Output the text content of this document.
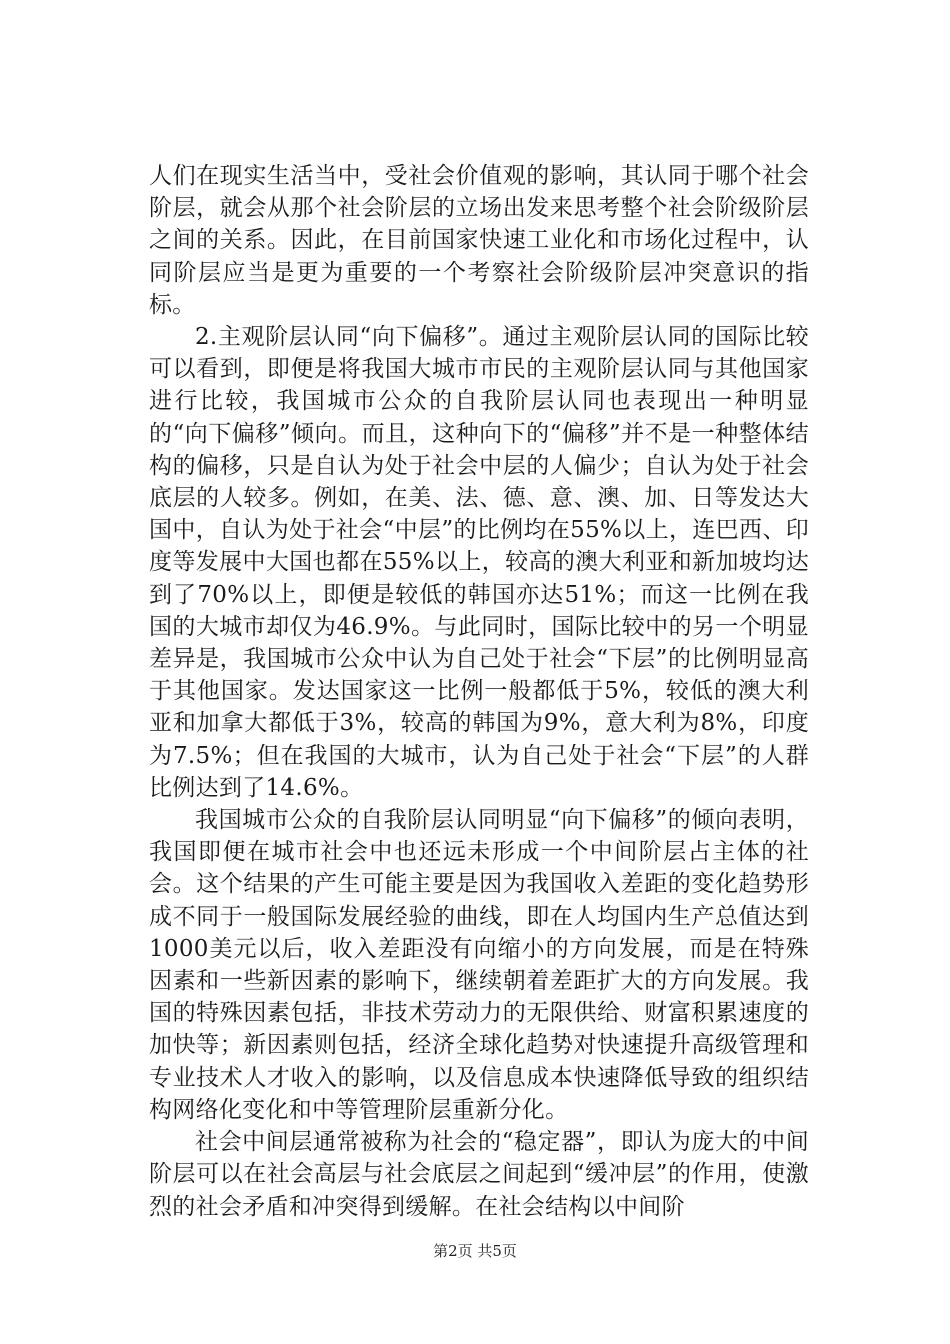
人们在现实生活当中，受社会价值观的影响，其认同于哪个社会阶层，就会从那个社会阶层的立场出发来思考整个社会阶级阶层之间的关系。因此，在目前国家快速工业化和市场化过程中，认同阶层应当是更为重要的一个考察社会阶级阶层冲突意识的指标。

2.主观阶层认同“向下偏移”。通过主观阶层认同的国际比较可以看到，即便是将我国大城市市民的主观阶层认同与其他国家进行比较，我国城市公众的自我阶层认同也表现出一种明显的“向下偏移”倾向。而且，这种向下的“偏移”并不是一种整体结构的偏移，只是自认为处于社会中层的人偏少；自认为处于社会底层的人较多。例如，在美、法、德、意、澳、加、日等发达大国中，自认为处于社会“中层”的比例均在55%以上，连巴西、印度等发展中大国也都在55%以上，较高的澳大利亚和新加坡均达到了70%以上，即便是较低的韩国亦达51%；而这一比例在我国的大城市却仅为46.9%。与此同时，国际比较中的另一个明显差异是，我国城市公众中认为自己处于社会“下层”的比例明显高于其他国家。发达国家这一比例一般都低于5%，较低的澳大利亚和加拿大都低于3%，较高的韩国为9%，意大利为8%，印度为7.5%；但在我国的大城市，认为自己处于社会“下层”的人群比例达到了14.6%。

我国城市公众的自我阶层认同明显“向下偏移”的倾向表明，我国即便在城市社会中也还远未形成一个中间阶层占主体的社会。这个结果的产生可能主要是因为我国收入差距的变化趋势形成不同于一般国际发展经验的曲线，即在人均国内生产总值达到1000美元以后，收入差距没有向缩小的方向发展，而是在特殊因素和一些新因素的影响下，继续朝着差距扩大的方向发展。我国的特殊因素包括，非技术劳动力的无限供给、财富积累速度的加快等；新因素则包括，经济全球化趋势对快速提升高级管理和专业技术人才收入的影响，以及信息成本快速降低导致的组织结构网络化变化和中等管理阶层重新分化。

社会中间层通常被称为社会的“稳定器”，即认为庞大的中间阶层可以在社会高层与社会底层之间起到“缓冲层”的作用，使激烈的社会矛盾和冲突得到缓解。在社会结构以中间阶

第2页 共5页
